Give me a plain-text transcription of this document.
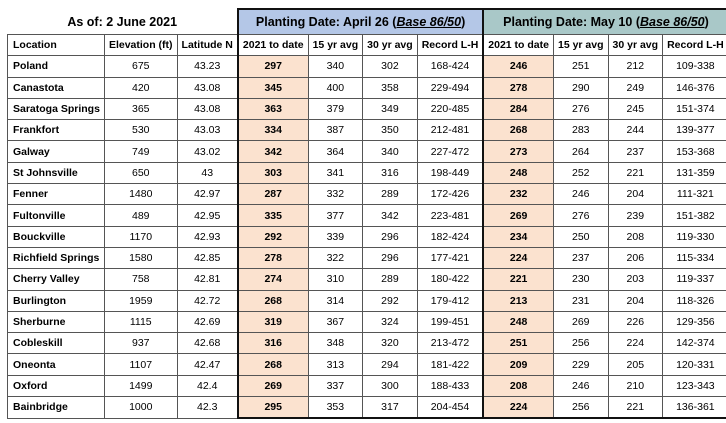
As of: 2 June 2021			Planting Date: April 26 (Base 86/50)				Planting Date: May 10 (Base 86/50)			
Location	Elevation (ft)	Latitude N	2021 to date	15 yr avg	30 yr avg	Record L-H	2021 to date	15 yr avg	30 yr avg	Record L-H
Poland	675	43.23	297	340	302	168-424	246	251	212	109-338
Canastota	420	43.08	345	400	358	229-494	278	290	249	146-376
Saratoga Springs	365	43.08	363	379	349	220-485	284	276	245	151-374
Frankfort	530	43.03	334	387	350	212-481	268	283	244	139-377
Galway	749	43.02	342	364	340	227-472	273	264	237	153-368
St Johnsville	650	43	303	341	316	198-449	248	252	221	131-359
Fenner	1480	42.97	287	332	289	172-426	232	246	204	111-321
Fultonville	489	42.95	335	377	342	223-481	269	276	239	151-382
Bouckville	1170	42.93	292	339	296	182-424	234	250	208	119-330
Richfield Springs	1580	42.85	278	322	296	177-421	224	237	206	115-334
Cherry Valley	758	42.81	274	310	289	180-422	221	230	203	119-337
Burlington	1959	42.72	268	314	292	179-412	213	231	204	118-326
Sherburne	1115	42.69	319	367	324	199-451	248	269	226	129-356
Cobleskill	937	42.68	316	348	320	213-472	251	256	224	142-374
Oneonta	1107	42.47	268	313	294	181-422	209	229	205	120-331
Oxford	1499	42.4	269	337	300	188-433	208	246	210	123-343
Bainbridge	1000	42.3	295	353	317	204-454	224	256	221	136-361
